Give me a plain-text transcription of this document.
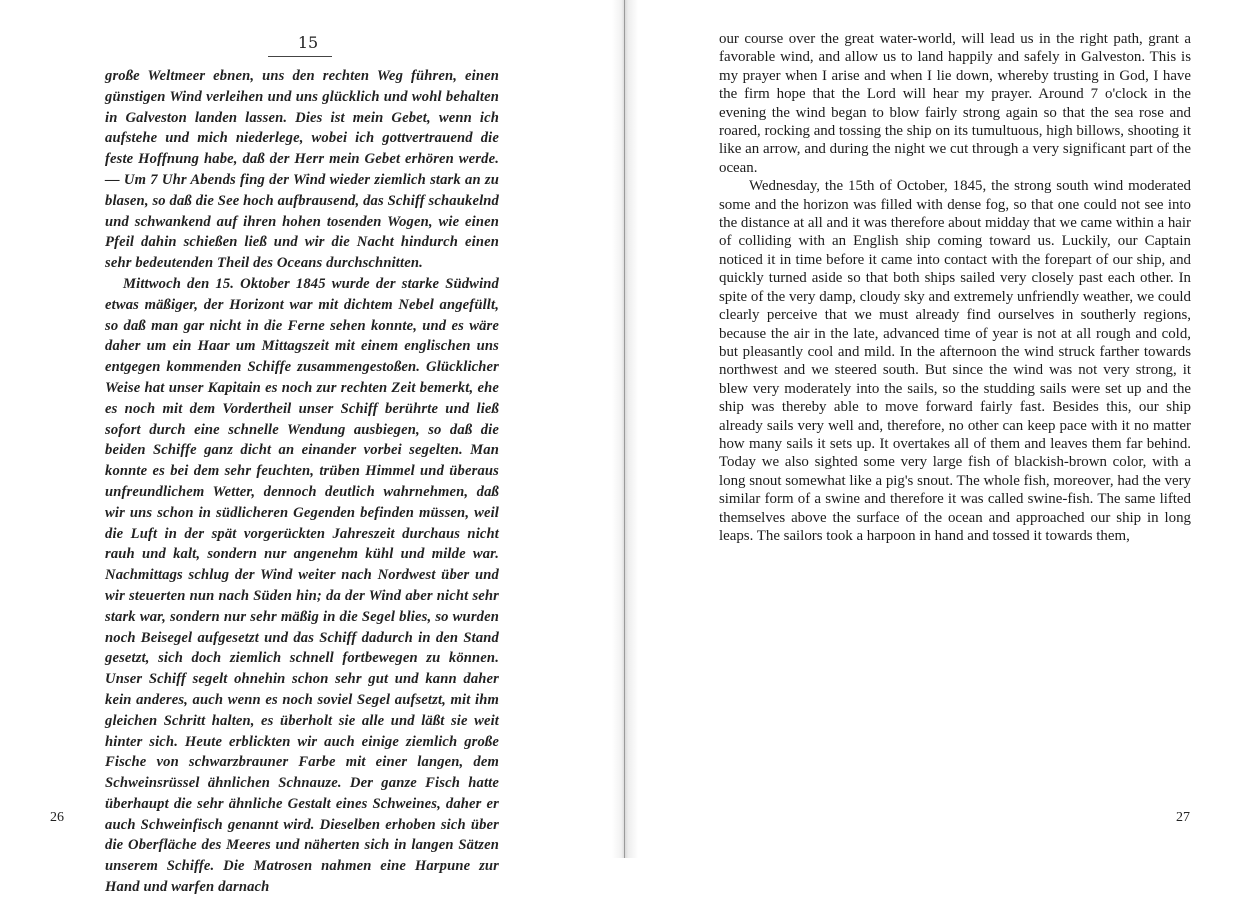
15

große Weltmeer ebnen, uns den rechten Weg führen, einen günstigen Wind verleihen und uns glücklich und wohl behalten in Galveston landen lassen. Dies ist mein Gebet, wenn ich aufstehe und mich niederlege, wobei ich gottvertrauend die feste Hoffnung habe, daß der Herr mein Gebet erhören werde. — Um 7 Uhr Abends fing der Wind wieder ziemlich stark an zu blasen, so daß die See hoch aufbrausend, das Schiff schaukelnd und schwankend auf ihren hohen tosenden Wogen, wie einen Pfeil dahin schießen ließ und wir die Nacht hindurch einen sehr bedeutenden Theil des Oceans durchschnitten.

Mittwoch den 15. Oktober 1845 wurde der starke Südwind etwas mäßiger, der Horizont war mit dichtem Nebel angefüllt, so daß man gar nicht in die Ferne sehen konnte, und es wäre daher um ein Haar um Mittagszeit mit einem englischen uns entgegen kommenden Schiffe zusammengestoßen. Glücklicher Weise hat unser Kapitain es noch zur rechten Zeit bemerkt, ehe es noch mit dem Vordertheil unser Schiff berührte und ließ sofort durch eine schnelle Wendung ausbiegen, so daß die beiden Schiffe ganz dicht an einander vorbei segelten. Man konnte es bei dem sehr feuchten, trüben Himmel und überaus unfreundlichem Wetter, dennoch deutlich wahrnehmen, daß wir uns schon in südlicheren Gegenden befinden müssen, weil die Luft in der spät vorgerückten Jahreszeit durchaus nicht rauh und kalt, sondern nur angenehm kühl und milde war. Nachmittags schlug der Wind weiter nach Nordwest über und wir steuerten nun nach Süden hin; da der Wind aber nicht sehr stark war, sondern nur sehr mäßig in die Segel blies, so wurden noch Beisegel aufgesetzt und das Schiff dadurch in den Stand gesetzt, sich doch ziemlich schnell fortbewegen zu können. Unser Schiff segelt ohnehin schon sehr gut und kann daher kein anderes, auch wenn es noch soviel Segel aufsetzt, mit ihm gleichen Schritt halten, es überholt sie alle und läßt sie weit hinter sich. Heute erblickten wir auch einige ziemlich große Fische von schwarzbrauner Farbe mit einer langen, dem Schweinsrüssel ähnlichen Schnauze. Der ganze Fisch hatte überhaupt die sehr ähnliche Gestalt eines Schweines, daher er auch Schweinfisch genannt wird. Dieselben erhoben sich über die Oberfläche des Meeres und näherten sich in langen Sätzen unserem Schiffe. Die Matrosen nahmen eine Harpune zur Hand und warfen darnach

26

our course over the great water-world, will lead us in the right path, grant a favorable wind, and allow us to land happily and safely in Galveston. This is my prayer when I arise and when I lie down, whereby trusting in God, I have the firm hope that the Lord will hear my prayer. Around 7 o'clock in the evening the wind began to blow fairly strong again so that the sea rose and roared, rocking and tossing the ship on its tumultuous, high billows, shooting it like an arrow, and during the night we cut through a very significant part of the ocean.

Wednesday, the 15th of October, 1845, the strong south wind moderated some and the horizon was filled with dense fog, so that one could not see into the distance at all and it was therefore about midday that we came within a hair of colliding with an English ship coming toward us. Luckily, our Captain noticed it in time before it came into contact with the forepart of our ship, and quickly turned aside so that both ships sailed very closely past each other. In spite of the very damp, cloudy sky and extremely unfriendly weather, we could clearly perceive that we must already find ourselves in southerly regions, because the air in the late, advanced time of year is not at all rough and cold, but pleasantly cool and mild. In the afternoon the wind struck farther towards northwest and we steered south. But since the wind was not very strong, it blew very moderately into the sails, so the studding sails were set up and the ship was thereby able to move forward fairly fast. Besides this, our ship already sails very well and, therefore, no other can keep pace with it no matter how many sails it sets up. It overtakes all of them and leaves them far behind. Today we also sighted some very large fish of blackish-brown color, with a long snout somewhat like a pig's snout. The whole fish, moreover, had the very similar form of a swine and therefore it was called swine-fish. The same lifted themselves above the surface of the ocean and approached our ship in long leaps. The sailors took a harpoon in hand and tossed it towards them,

27
